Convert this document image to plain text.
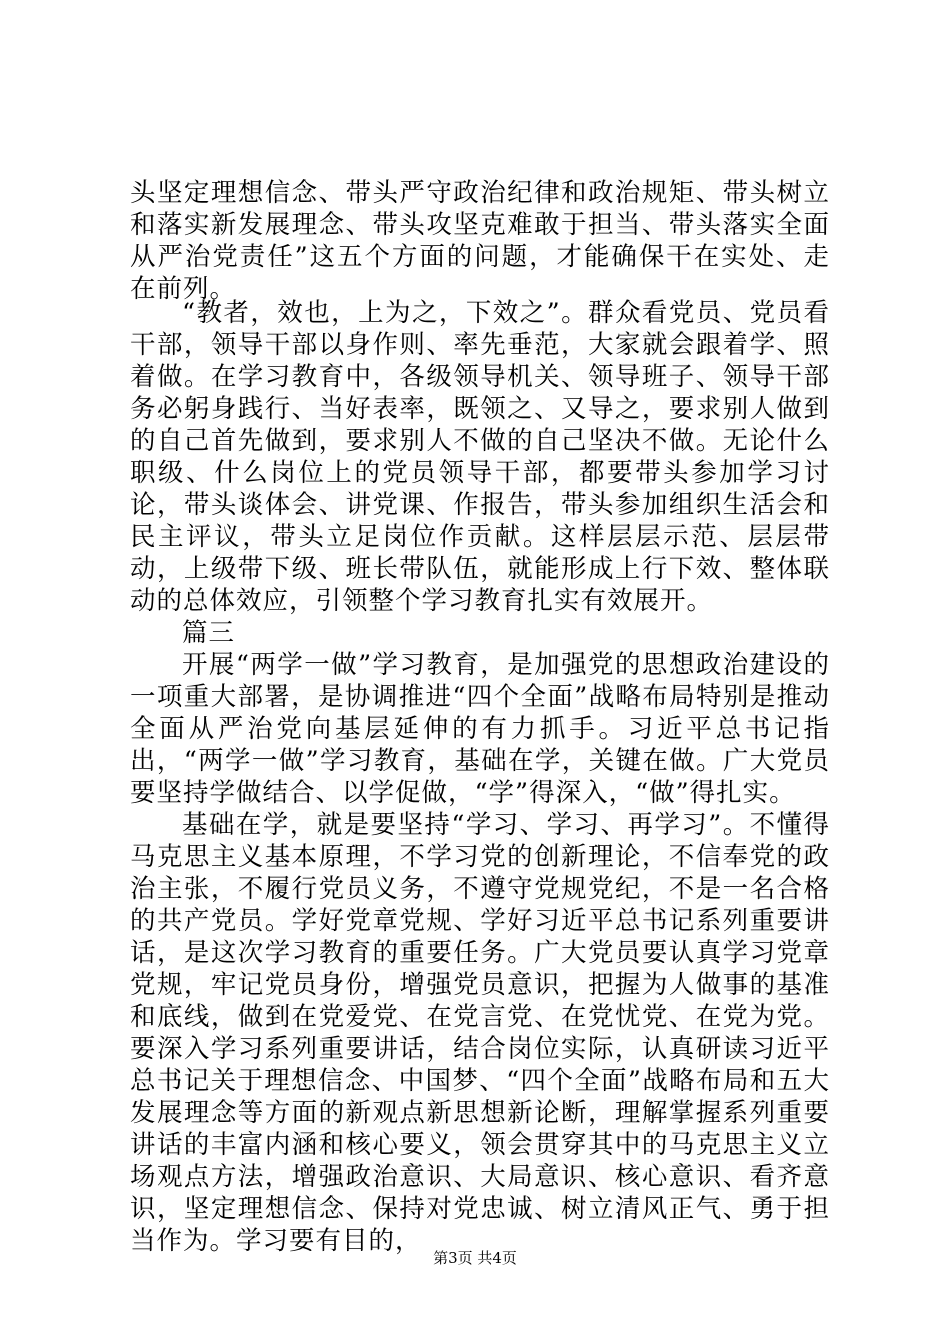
头坚定理想信念、带头严守政治纪律和政治规矩、带头树立和落实新发展理念、带头攻坚克难敢于担当、带头落实全面从严治党责任”这五个方面的问题，才能确保干在实处、走在前列。

“教者，效也，上为之，下效之”。群众看党员、党员看干部，领导干部以身作则、率先垂范，大家就会跟着学、照着做。在学习教育中，各级领导机关、领导班子、领导干部务必躬身践行、当好表率，既领之、又导之，要求别人做到的自己首先做到，要求别人不做的自己坚决不做。无论什么职级、什么岗位上的党员领导干部，都要带头参加学习讨论，带头谈体会、讲党课、作报告，带头参加组织生活会和民主评议，带头立足岗位作贡献。这样层层示范、层层带动，上级带下级、班长带队伍，就能形成上行下效、整体联动的总体效应，引领整个学习教育扎实有效展开。

篇三

开展“两学一做”学习教育，是加强党的思想政治建设的一项重大部署，是协调推进“四个全面”战略布局特别是推动全面从严治党向基层延伸的有力抓手。习近平总书记指出，“两学一做”学习教育，基础在学，关键在做。广大党员要坚持学做结合、以学促做，“学”得深入，“做”得扎实。

基础在学，就是要坚持“学习、学习、再学习”。不懂得马克思主义基本原理，不学习党的创新理论，不信奉党的政治主张，不履行党员义务，不遵守党规党纪，不是一名合格的共产党员。学好党章党规、学好习近平总书记系列重要讲话，是这次学习教育的重要任务。广大党员要认真学习党章党规，牢记党员身份，增强党员意识，把握为人做事的基准和底线，做到在党爱党、在党言党、在党忧党、在党为党。要深入学习系列重要讲话，结合岗位实际，认真研读习近平总书记关于理想信念、中国梦、“四个全面”战略布局和五大发展理念等方面的新观点新思想新论断，理解掌握系列重要讲话的丰富内涵和核心要义，领会贯穿其中的马克思主义立场观点方法，增强政治意识、大局意识、核心意识、看齐意识，坚定理想信念、保持对党忠诚、树立清风正气、勇于担当作为。学习要有目的，

第3页 共4页
